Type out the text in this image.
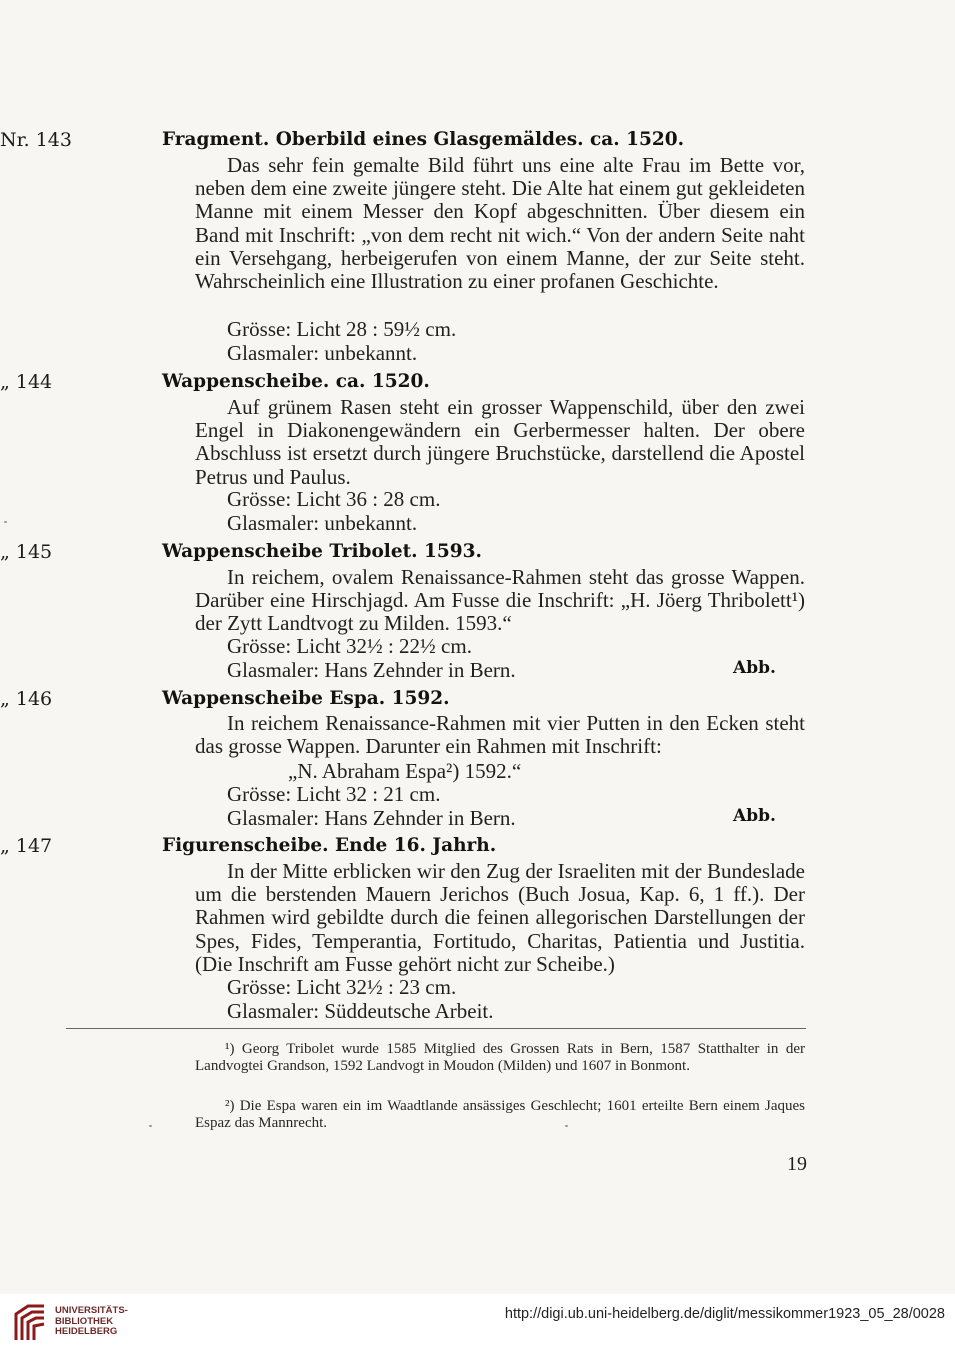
Nr. 143	Fragment. Oberbild eines Glasgemäldes. ca. 1520.

Das sehr fein gemalte Bild führt uns eine alte Frau im Bette vor, neben dem eine zweite jüngere steht. Die Alte hat einem gut gekleideten Manne mit einem Messer den Kopf abgeschnitten. Über diesem ein Band mit Inschrift: „von dem recht nit wich.“ Von der andern Seite naht ein Versehgang, herbeigerufen von einem Manne, der zur Seite steht. Wahrscheinlich eine Illustration zu einer profanen Geschichte.

Grösse: Licht 28 : 59½ cm.
Glasmaler: unbekannt.
„ 144	Wappenscheibe. ca. 1520.

Auf grünem Rasen steht ein grosser Wappenschild, über den zwei Engel in Diakonengewändern ein Gerbermesser halten. Der obere Abschluss ist ersetzt durch jüngere Bruchstücke, darstellend die Apostel Petrus und Paulus.

Grösse: Licht 36 : 28 cm.
Glasmaler: unbekannt.
„ 145	Wappenscheibe Tribolet. 1593.

In reichem, ovalem Renaissance-Rahmen steht das grosse Wappen. Darüber eine Hirschjagd. Am Fusse die Inschrift: „H. Jöerg Thribolett¹) der Zytt Landtvogt zu Milden. 1593.“

Grösse: Licht 32½ : 22½ cm.
Glasmaler: Hans Zehnder in Bern.	Abb.
„ 146	Wappenscheibe Espa. 1592.

In reichem Renaissance-Rahmen mit vier Putten in den Ecken steht das grosse Wappen. Darunter ein Rahmen mit Inschrift:

„N. Abraham Espa²) 1592.“
Grösse: Licht 32 : 21 cm.
Glasmaler: Hans Zehnder in Bern.	Abb.
„ 147	Figurenscheibe. Ende 16. Jahrh.

In der Mitte erblicken wir den Zug der Israeliten mit der Bundeslade um die berstenden Mauern Jerichos (Buch Josua, Kap. 6, 1 ff.). Der Rahmen wird gebildte durch die feinen allegorischen Darstellungen der Spes, Fides, Temperantia, Fortitudo, Charitas, Patientia und Justitia. (Die Inschrift am Fusse gehört nicht zur Scheibe.)

Grösse: Licht 32½ : 23 cm.
Glasmaler: Süddeutsche Arbeit.

¹) Georg Tribolet wurde 1585 Mitglied des Grossen Rats in Bern, 1587 Statthalter in der Landvogtei Grandson, 1592 Landvogt in Moudon (Milden) und 1607 in Bonmont.

²) Die Espa waren ein im Waadtlande ansässiges Geschlecht; 1601 erteilte Bern einem Jaques Espaz das Mannrecht.

19
UNIVERSITÄTS-
BIBLIOTHEK
HEIDELBERG
http://digi.ub.uni-heidelberg.de/diglit/messikommer1923_05_28/0028
